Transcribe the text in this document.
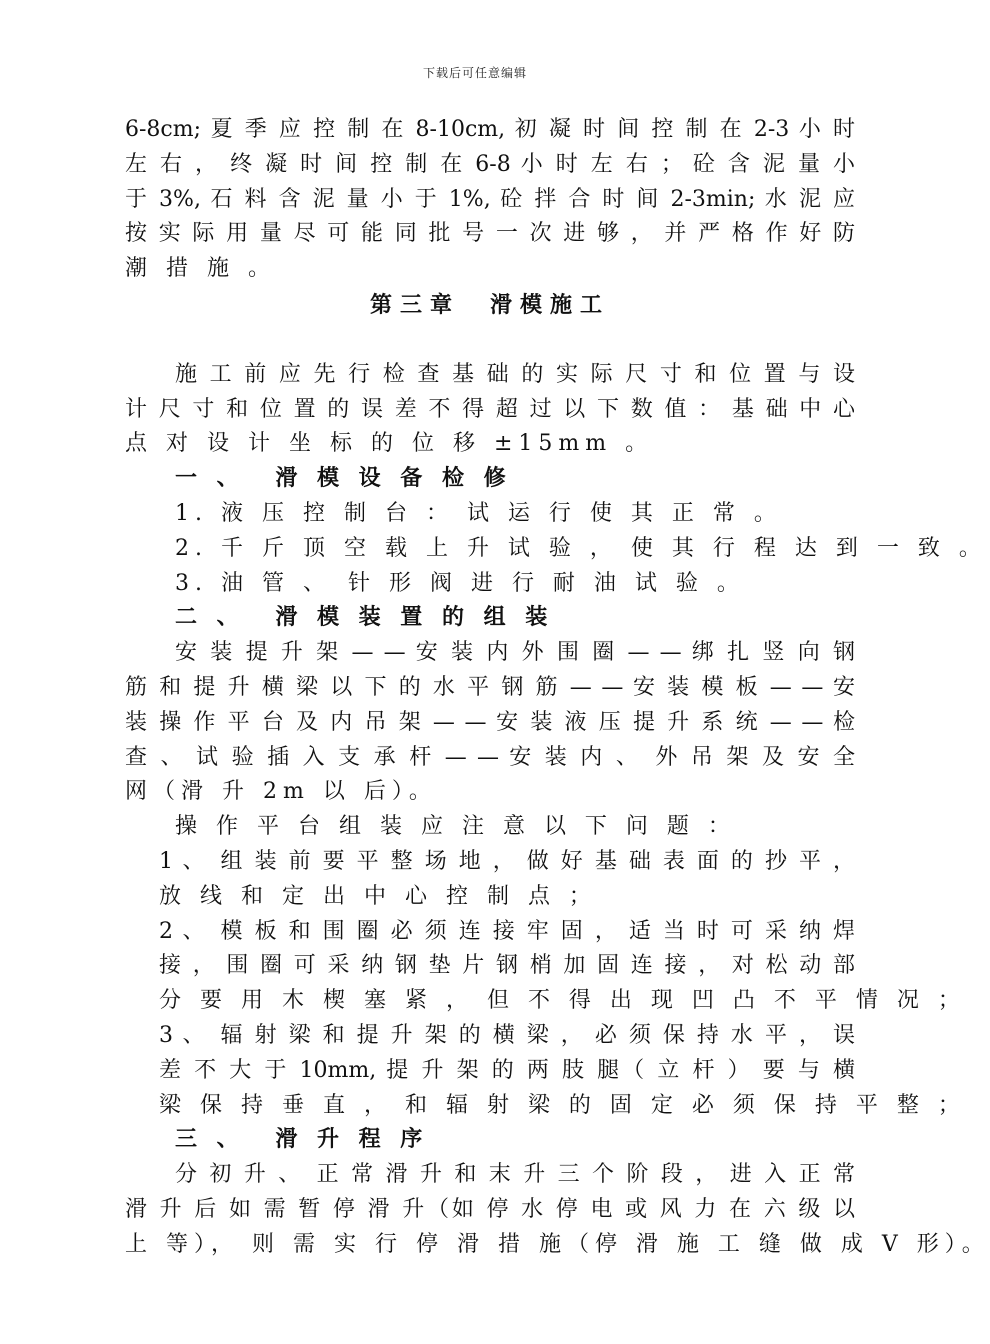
下载后可任意编辑
6-8cm; 夏 季 应 控 制 在 8-10cm, 初 凝 时 间 控 制 在 2-3 小 时
左 右 ， 终 凝 时 间 控 制 在 6-8 小 时 左 右 ； 砼 含 泥 量 小
于 3%, 石 料 含 泥 量 小 于 1%, 砼 拌 合 时 间 2-3min; 水 泥 应
按 实 际 用 量 尽 可 能 同 批 号 一 次 进 够 ， 并 严 格 作 好 防
潮 措 施 。
第三章　滑模施工
施 工 前 应 先 行 检 查 基 础 的 实 际 尺 寸 和 位 置 与 设
计 尺 寸 和 位 置 的 误 差 不 得 超 过 以 下 数 值 ： 基 础 中 心
点 对 设 计 坐 标 的 位 移 ±15mm 。
一 、　 滑 模 设 备 检 修
1. 液 压 控 制 台 ： 试 运 行 使 其 正 常 。
2. 千 斤 顶 空 载 上 升 试 验 ， 使 其 行 程 达 到 一 致 。
3. 油 管 、　针 形 阀 进 行 耐 油 试 验 。
二 、　 滑 模 装 置 的 组 装
安 装 提 升 架 — — 安 装 内 外 围 圈 — — 绑 扎 竖 向 钢
筋 和 提 升 横 梁 以 下 的 水 平 钢 筋 — — 安 装 模 板 — — 安
装 操 作 平 台 及 内 吊 架 — — 安 装 液 压 提 升 系 统 — — 检
查 、 试 验 插 入 支 承 杆 — — 安 装 内 、　外 吊 架 及 安 全
网（滑 升 2m 以 后）。
操 作 平 台 组 装 应 注 意 以 下 问 题 ：
1 、　组 装 前 要 平 整 场 地 ， 做 好 基 础 表 面 的 抄 平 ，
放 线 和 定 出 中 心 控 制 点 ；
2 、　模 板 和 围 圈 必 须 连 接 牢 固 ， 适 当 时 可 采 纳 焊
接 ， 围 圈 可 采 纳 钢 垫 片 钢 梢 加 固 连 接 ， 对 松 动 部
分 要 用 木 楔 塞 紧 ， 但 不 得 出 现 凹 凸 不 平 情 况 ；
3 、　辐 射 梁 和 提 升 架 的 横 梁 ， 必 须 保 持 水 平 ， 误
差 不 大 于 10mm, 提 升 架 的 两 肢 腿（ 立 杆 ） 要 与 横
梁 保 持 垂 直 ， 和 辐 射 梁 的 固 定 必 须 保 持 平 整 ；
三 、　 滑 升 程 序
分 初 升 、　正 常 滑 升 和 末 升 三 个 阶 段 ， 进 入 正 常
滑 升 后 如 需 暂 停 滑 升（如 停 水 停 电 或 风 力 在 六 级 以
上 等）， 则 需 实 行 停 滑 措 施（停 滑 施 工 缝 做 成 V 形）。
